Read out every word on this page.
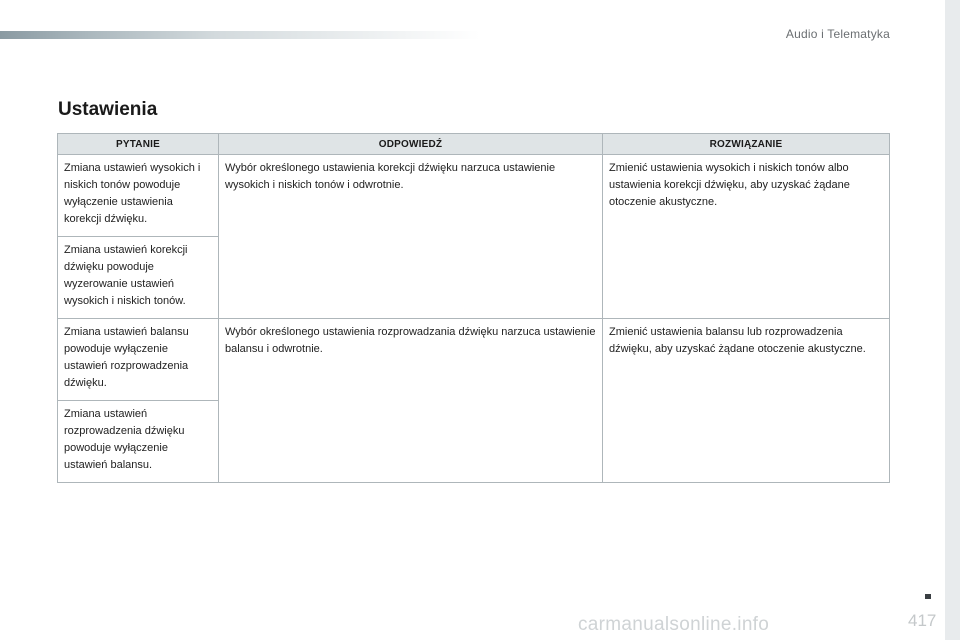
Audio i Telematyka
Ustawienia
PYTANIE	ODPOWIEDŹ	ROZWIĄZANIE
Zmiana ustawień wysokich i niskich tonów powoduje wyłączenie ustawienia korekcji dźwięku.	Wybór określonego ustawienia korekcji dźwięku narzuca ustawienie wysokich i niskich tonów i odwrotnie.	Zmienić ustawienia wysokich i niskich tonów albo ustawienia korekcji dźwięku, aby uzyskać żądane otoczenie akustyczne.
Zmiana ustawień korekcji dźwięku powoduje wyzerowanie ustawień wysokich i niskich tonów.		
Zmiana ustawień balansu powoduje wyłączenie ustawień rozprowadzenia dźwięku.	Wybór określonego ustawienia rozprowadzania dźwięku narzuca ustawienie balansu i odwrotnie.	Zmienić ustawienia balansu lub rozprowadzenia dźwięku, aby uzyskać żądane otoczenie akustyczne.
Zmiana ustawień rozprowadzenia dźwięku powoduje wyłączenie ustawień balansu.		
417
carmanualsonline.info
